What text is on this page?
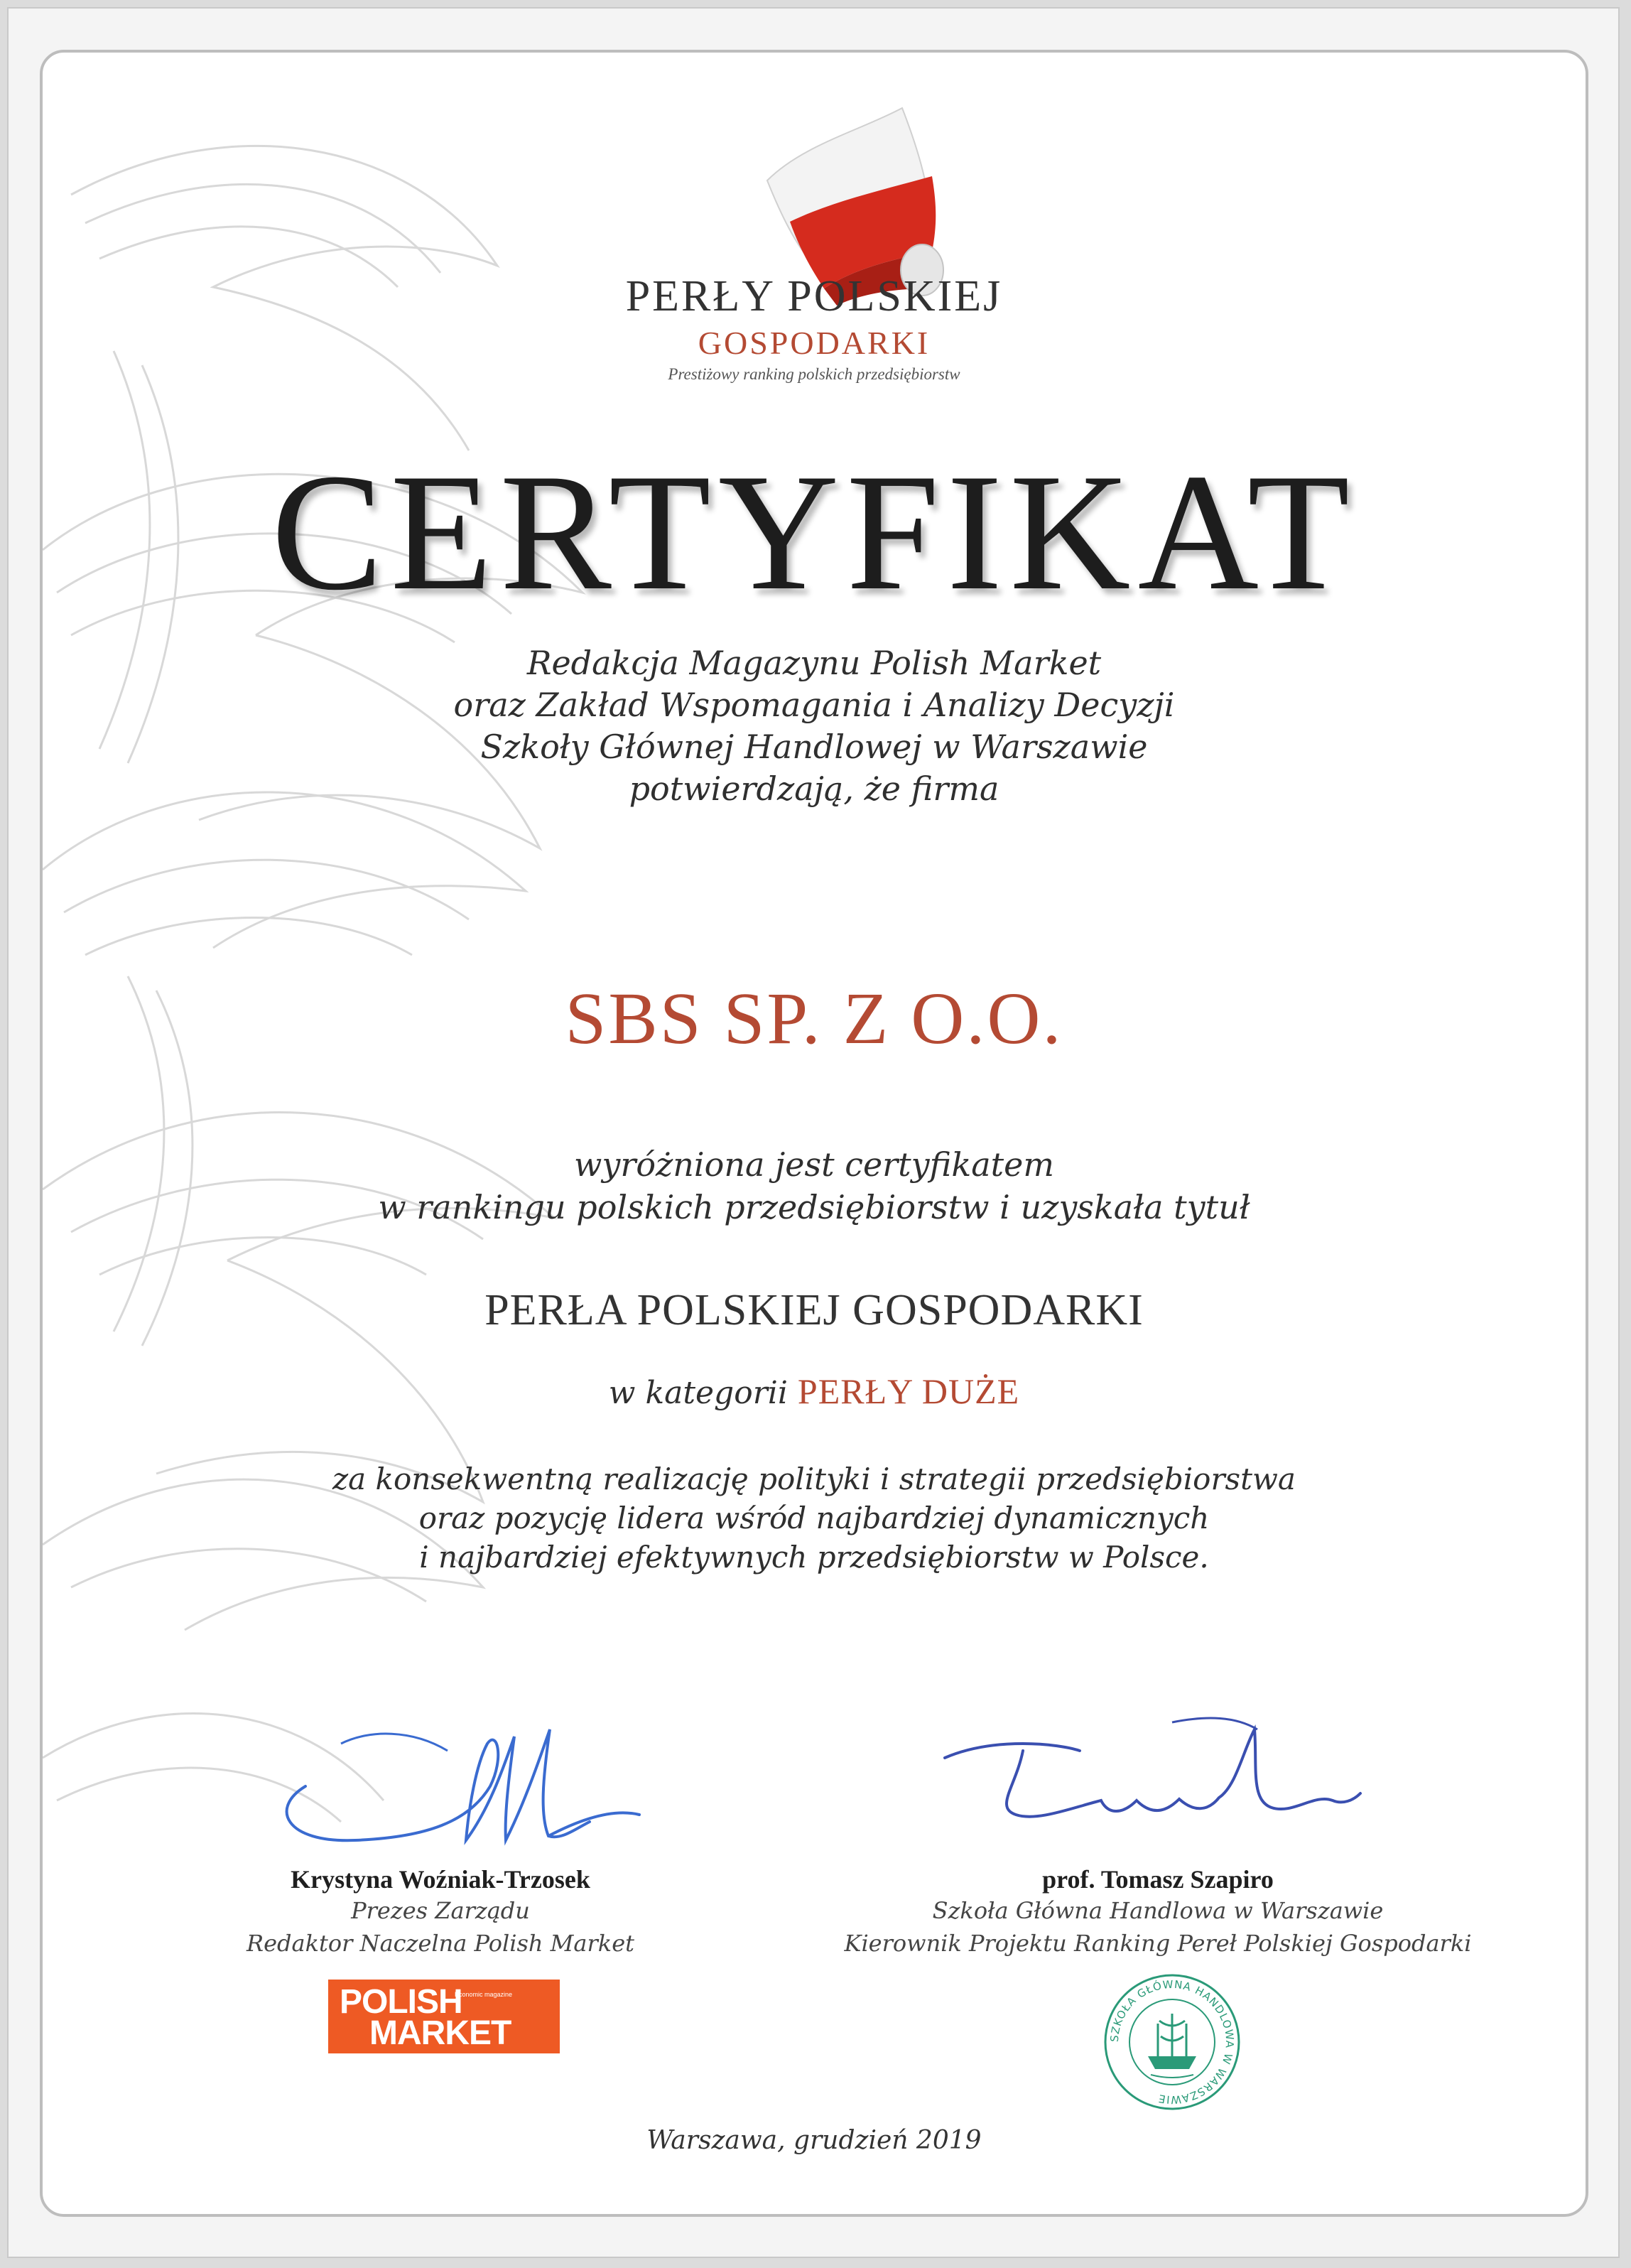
PERŁY POLSKIEJ
GOSPODARKI
Prestiżowy ranking polskich przedsiębiorstw
CERTYFIKAT
Redakcja Magazynu Polish Market
oraz Zakład Wspomagania i Analizy Decyzji
Szkoły Głównej Handlowej w Warszawie
potwierdzają, że firma
SBS SP. Z O.O.
wyróżniona jest certyfikatem
w rankingu polskich przedsiębiorstw i uzyskała tytuł
PERŁA POLSKIEJ GOSPODARKI
w kategorii PERŁY DUŻE
za konsekwentną realizację polityki i strategii przedsiębiorstwa
oraz pozycję lidera wśród najbardziej dynamicznych
i najbardziej efektywnych przedsiębiorstw w Polsce.
Krystyna Woźniak-Trzosek
Prezes Zarządu
Redaktor Naczelna Polish Market
prof. Tomasz Szapiro
Szkoła Główna Handlowa w Warszawie
Kierownik Projektu Ranking Pereł Polskiej Gospodarki
POLISH
Economic magazine
MARKET	SZKOŁA GŁÓWNA HANDLOWA W WARSZAWIE
Warszawa, grudzień 2019
